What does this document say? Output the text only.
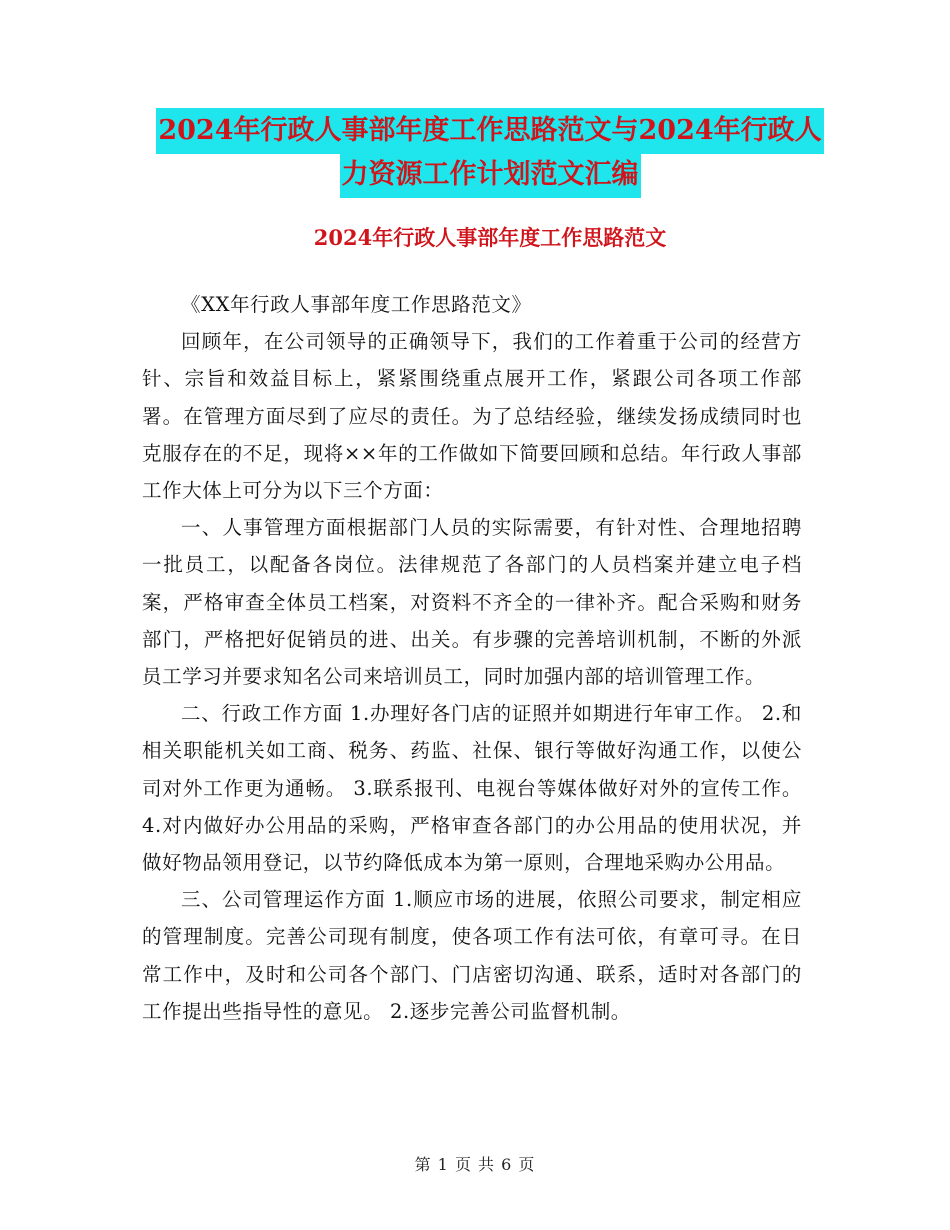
2024年行政人事部年度工作思路范文与2024年行政人
力资源工作计划范文汇编
2024年行政人事部年度工作思路范文

《XX年行政人事部年度工作思路范文》

回顾年，在公司领导的正确领导下，我们的工作着重于公司的经营方针、宗旨和效益目标上，紧紧围绕重点展开工作，紧跟公司各项工作部署。在管理方面尽到了应尽的责任。为了总结经验，继续发扬成绩同时也克服存在的不足，现将××年的工作做如下简要回顾和总结。年行政人事部工作大体上可分为以下三个方面：

一、人事管理方面根据部门人员的实际需要，有针对性、合理地招聘一批员工，以配备各岗位。法律规范了各部门的人员档案并建立电子档案，严格审查全体员工档案，对资料不齐全的一律补齐。配合采购和财务部门，严格把好促销员的进、出关。有步骤的完善培训机制，不断的外派员工学习并要求知名公司来培训员工，同时加强内部的培训管理工作。

二、行政工作方面 1.办理好各门店的证照并如期进行年审工作。 2.和相关职能机关如工商、税务、药监、社保、银行等做好沟通工作，以使公司对外工作更为通畅。 3.联系报刊、电视台等媒体做好对外的宣传工作。 4.对内做好办公用品的采购，严格审查各部门的办公用品的使用状况，并做好物品领用登记，以节约降低成本为第一原则，合理地采购办公用品。

三、公司管理运作方面 1.顺应市场的进展，依照公司要求，制定相应的管理制度。完善公司现有制度，使各项工作有法可依，有章可寻。在日常工作中，及时和公司各个部门、门店密切沟通、联系，适时对各部门的工作提出些指导性的意见。 2.逐步完善公司监督机制。

第 1 页 共 6 页
